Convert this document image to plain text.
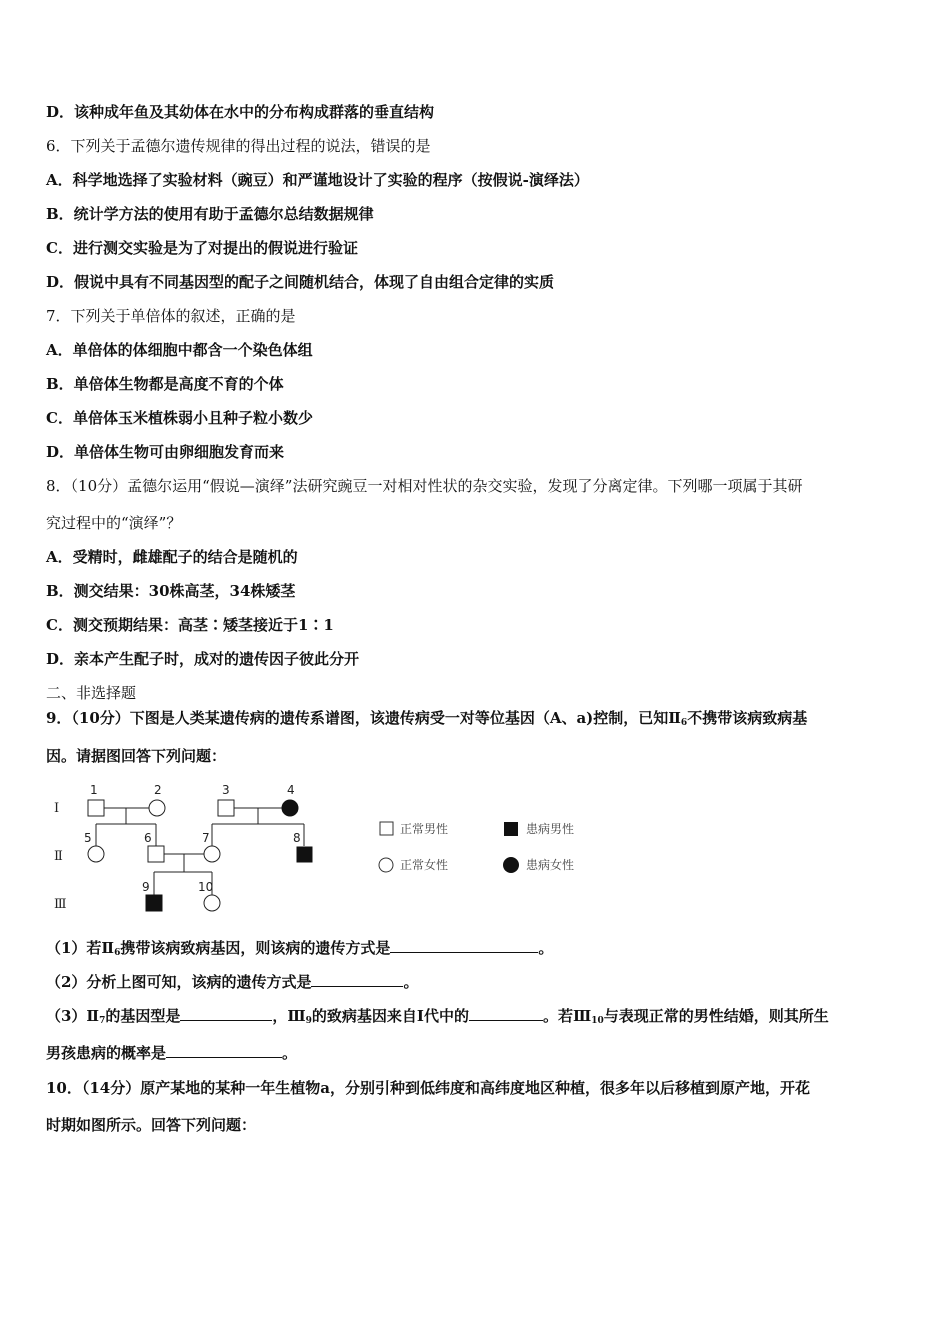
D．该种成年鱼及其幼体在水中的分布构成群落的垂直结构
6．下列关于孟德尔遗传规律的得出过程的说法，错误的是
A．科学地选择了实验材料（豌豆）和严谨地设计了实验的程序（按假说-演绎法）
B．统计学方法的使用有助于孟德尔总结数据规律
C．进行测交实验是为了对提出的假说进行验证
D．假说中具有不同基因型的配子之间随机结合，体现了自由组合定律的实质
7．下列关于单倍体的叙述，正确的是
A．单倍体的体细胞中都含一个染色体组
B．单倍体生物都是高度不育的个体
C．单倍体玉米植株弱小且种子粒小数少
D．单倍体生物可由卵细胞发育而来
8．（10分）孟德尔运用“假说—演绎”法研究豌豆一对相对性状的杂交实验，发现了分离定律。下列哪一项属于其研
究过程中的“演绎”？
A．受精时，雌雄配子的结合是随机的
B．测交结果：30株高茎，34株矮茎
C．测交预期结果：高茎∶矮茎接近于1∶1
D．亲本产生配子时，成对的遗传因子彼此分开
二、非选择题
9．（10分）下图是人类某遗传病的遗传系谱图，该遗传病受一对等位基因（A、a)控制，已知$Ⅱ_6$不携带该病致病基
因。请据图回答下列问题：
Ⅰ
Ⅱ
Ⅲ
1	2	3	4
5	6	7	8
9	10
正常男性	患病男性
正常女性	患病女性
（1）若$Ⅱ_6$携带该病致病基因，则该病的遗传方式是	。
（2）分析上图可知，该病的遗传方式是	。
$(3)Ⅱ_7$的基因型是	，$Ⅲ_9$的致病基因来自Ⅰ代中的	。若$Ⅲ_{10}$与表现正常的男性结婚，则其所生
男孩患病的概率是	。
10．（14分）原产某地的某种一年生植物a，分别引种到低纬度和高纬度地区种植，很多年以后移植到原产地，开花
时期如图所示。回答下列问题：
